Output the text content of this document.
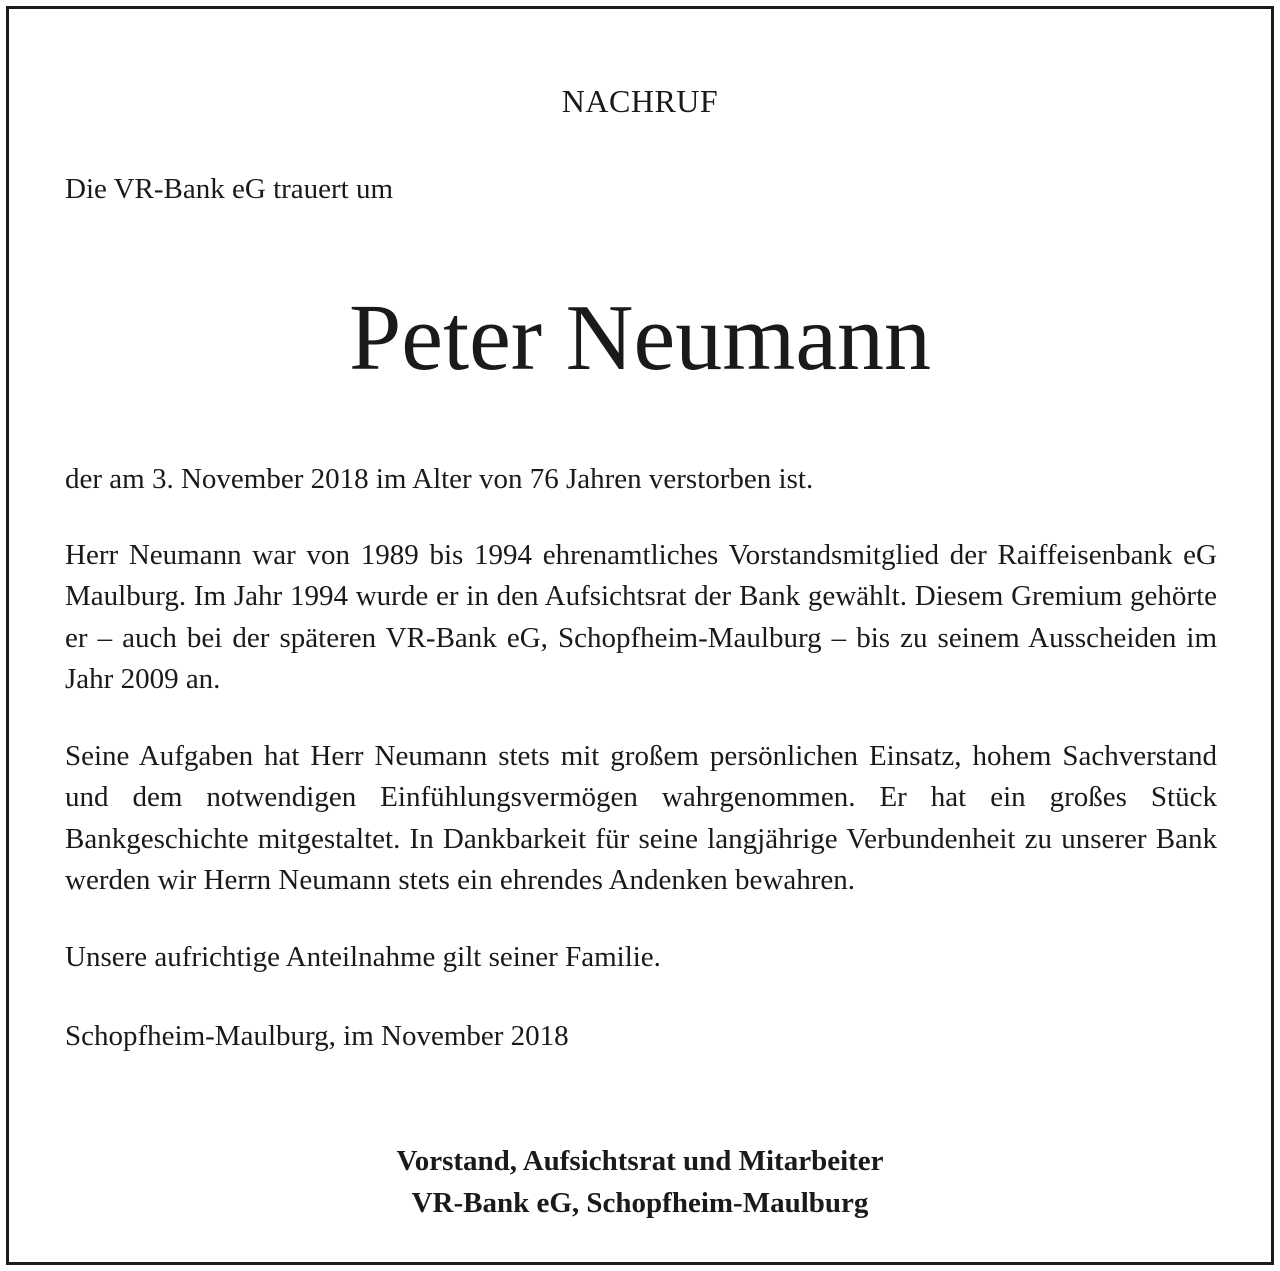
NACHRUF
Die VR-Bank eG trauert um
Peter Neumann

der am 3. November 2018 im Alter von 76 Jahren verstorben ist.

Herr Neumann war von 1989 bis 1994 ehrenamtliches Vorstandsmitglied der Raiffeisenbank eG Maulburg. Im Jahr 1994 wurde er in den Aufsichtsrat der Bank gewählt. Diesem Gremium gehörte er – auch bei der späteren VR-Bank eG, Schopfheim-Maulburg – bis zu seinem Ausscheiden im Jahr 2009 an.

Seine Aufgaben hat Herr Neumann stets mit großem persönlichen Einsatz, hohem Sachverstand und dem notwendigen Einfühlungsvermögen wahrgenommen. Er hat ein großes Stück Bankgeschichte mitgestaltet. In Dankbarkeit für seine langjährige Verbundenheit zu unserer Bank werden wir Herrn Neumann stets ein ehrendes Andenken bewahren.

Unsere aufrichtige Anteilnahme gilt seiner Familie.

Schopfheim-Maulburg, im November 2018

Vorstand, Aufsichtsrat und Mitarbeiter
VR-Bank eG, Schopfheim-Maulburg
